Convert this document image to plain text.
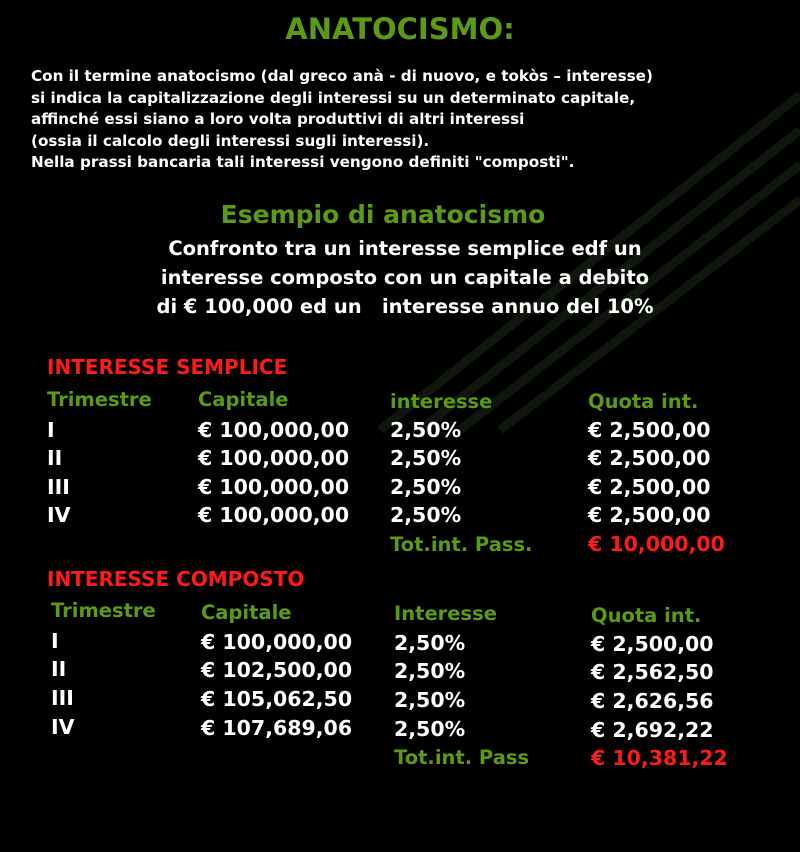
ANATOCISMO:
Con il termine anatocismo (dal greco anà - di nuovo, e tokòs – interesse)
si indica la capitalizzazione degli interessi su un determinato capitale,
affinché essi siano a loro volta produttivi di altri interessi
(ossia il calcolo degli interessi sugli interessi).
Nella prassi bancaria tali interessi vengono definiti "composti".
Esempio di anatocismo
Confronto tra un interesse semplice edf un
interesse composto con un capitale a debito
di € 100,000 ed un   interesse annuo del 10%
INTERESSE SEMPLICE
Trimestre Capitale	interesse	Quota int.
I	€ 100,000,00 2,50%	€ 2,500,00
II	€ 100,000,00 2,50%	€ 2,500,00
III	€ 100,000,00 2,50%	€ 2,500,00
IV	€ 100,000,00 2,50%	€ 2,500,00
Tot.int. Pass.	€ 10,000,00
INTERESSE COMPOSTO
Trimestre Capitale	Interesse	Quota int.
I	€ 100,000,00 2,50%	€ 2,500,00
II	€ 102,500,00 2,50%	€ 2,562,50
III	€ 105,062,50 2,50%	€ 2,626,56
IV	€ 107,689,06 2,50%	€ 2,692,22
Tot.int. Pass	€ 10,381,22
